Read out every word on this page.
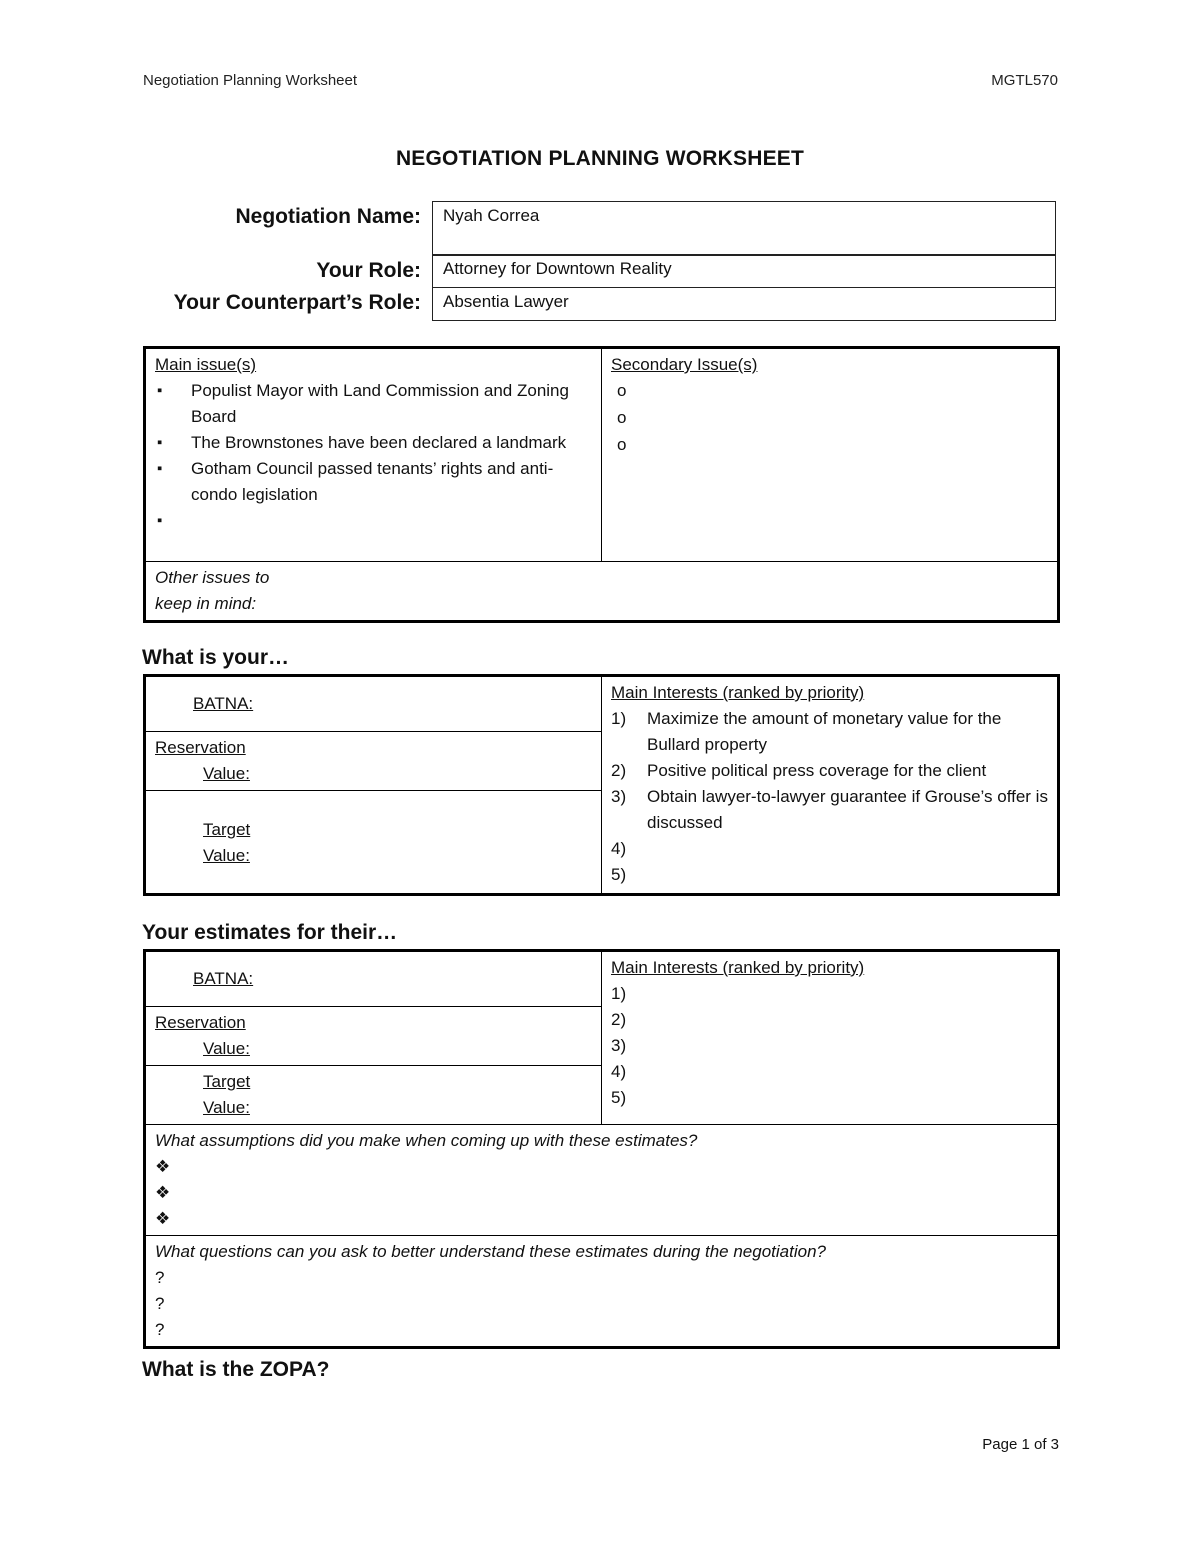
Negotiation Planning Worksheet	MGTL570
NEGOTIATION PLANNING WORKSHEET
Negotiation Name:	Nyah Correa
Your Role:	Attorney for Downtown Reality
Your Counterpart’s Role:	Absentia Lawyer
Main issue(s)
▪ Populist Mayor with Land Commission and Zoning Board
▪ The Brownstones have been declared a landmark
▪ Gotham Council passed tenants’ rights and anti-condo legislation
▪

Secondary Issue(s)
o
o
o

Other issues to
keep in mind:
What is your…
BATNA:

Main Interests (ranked by priority)
1) Maximize the amount of monetary value for the Bullard property
2) Positive political press coverage for the client
3) Obtain lawyer-to-lawyer guarantee if Grouse’s offer is discussed
4)

5)

Reservation
Value:

Target
Value:
Your estimates for their…
BATNA:

Main Interests (ranked by priority)
1)
2)
3)
4)
5)

Reservation
Value:

Target
Value:

What assumptions did you make when coming up with these estimates?
❖
❖
❖

What questions can you ask to better understand these estimates during the negotiation?
?
?
?
What is the ZOPA?
Page 1 of 3
